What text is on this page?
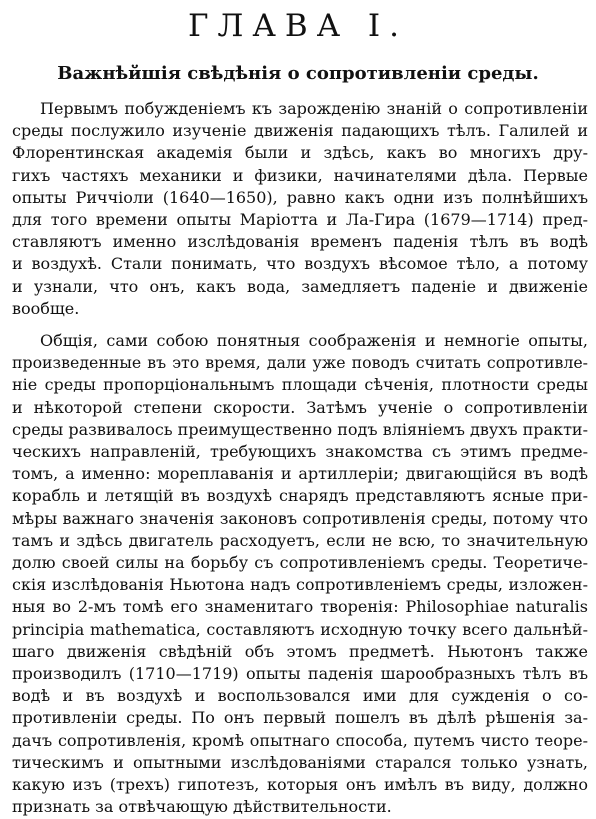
ГЛАВА I.
Важнѣйшія свѣдѣнія о сопротивленіи среды.

Первымъ побужденіемъ къ зарожденію знаній о сопротивленіи
среды послужило изученіе движенія падающихъ тѣлъ. Галилей и
Флорентинская академія были и здѣсь, какъ во многихъ дру-
гихъ частяхъ механики и физики, начинателями дѣла. Первые
опыты Риччіоли (1640—1650), равно какъ одни изъ полнѣйшихъ
для того времени опыты Маріотта и Ла-Гира (1679—1714) пред-
ставляютъ именно изслѣдованія временъ паденія тѣлъ въ водѣ
и воздухѣ. Стали понимать, что воздухъ вѣсомое тѣло, а потому
и узнали, что онъ, какъ вода, замедляетъ паденіе и движеніе
вообще.

Общія, сами собою понятныя соображенія и немногіе опыты,
произведенные въ это время, дали уже поводъ считать сопротивле-
ніе среды пропорціональнымъ площади сѣченія, плотности среды
и нѣкоторой степени скорости. Затѣмъ ученіе о сопротивленіи
среды развивалось преимущественно подъ вліяніемъ двухъ практи-
ческихъ направленій, требующихъ знакомства съ этимъ предме-
томъ, а именно: мореплаванія и артиллеріи; двигающійся въ водѣ
корабль и летящій въ воздухѣ снарядъ представляютъ ясные при-
мѣры важнаго значенія законовъ сопротивленія среды, потому что
тамъ и здѣсь двигатель расходуетъ, если не всю, то значительную
долю своей силы на борьбу съ сопротивленіемъ среды. Теоретиче-
скія изслѣдованія Ньютона надъ сопротивленіемъ среды, изложен-
ныя во 2-мъ томѣ его знаменитаго творенія: Philosophiae naturalis
principia mathematica, составляютъ исходную точку всего дальнѣй-
шаго движенія свѣдѣній объ этомъ предметѣ. Ньютонъ также
производилъ (1710—1719) опыты паденія шарообразныхъ тѣлъ въ
водѣ и въ воздухѣ и воспользовался ими для сужденія о со-
противленіи среды. По онъ первый пошелъ въ дѣлѣ рѣшенія за-
дачъ сопротивленія, кромѣ опытнаго способа, путемъ чисто теоре-
тическимъ и опытными изслѣдованіями старался только узнать,
какую изъ (трехъ) гипотезъ, которыя онъ имѣлъ въ виду, должно
признать за отвѣчающую дѣйствительности.
